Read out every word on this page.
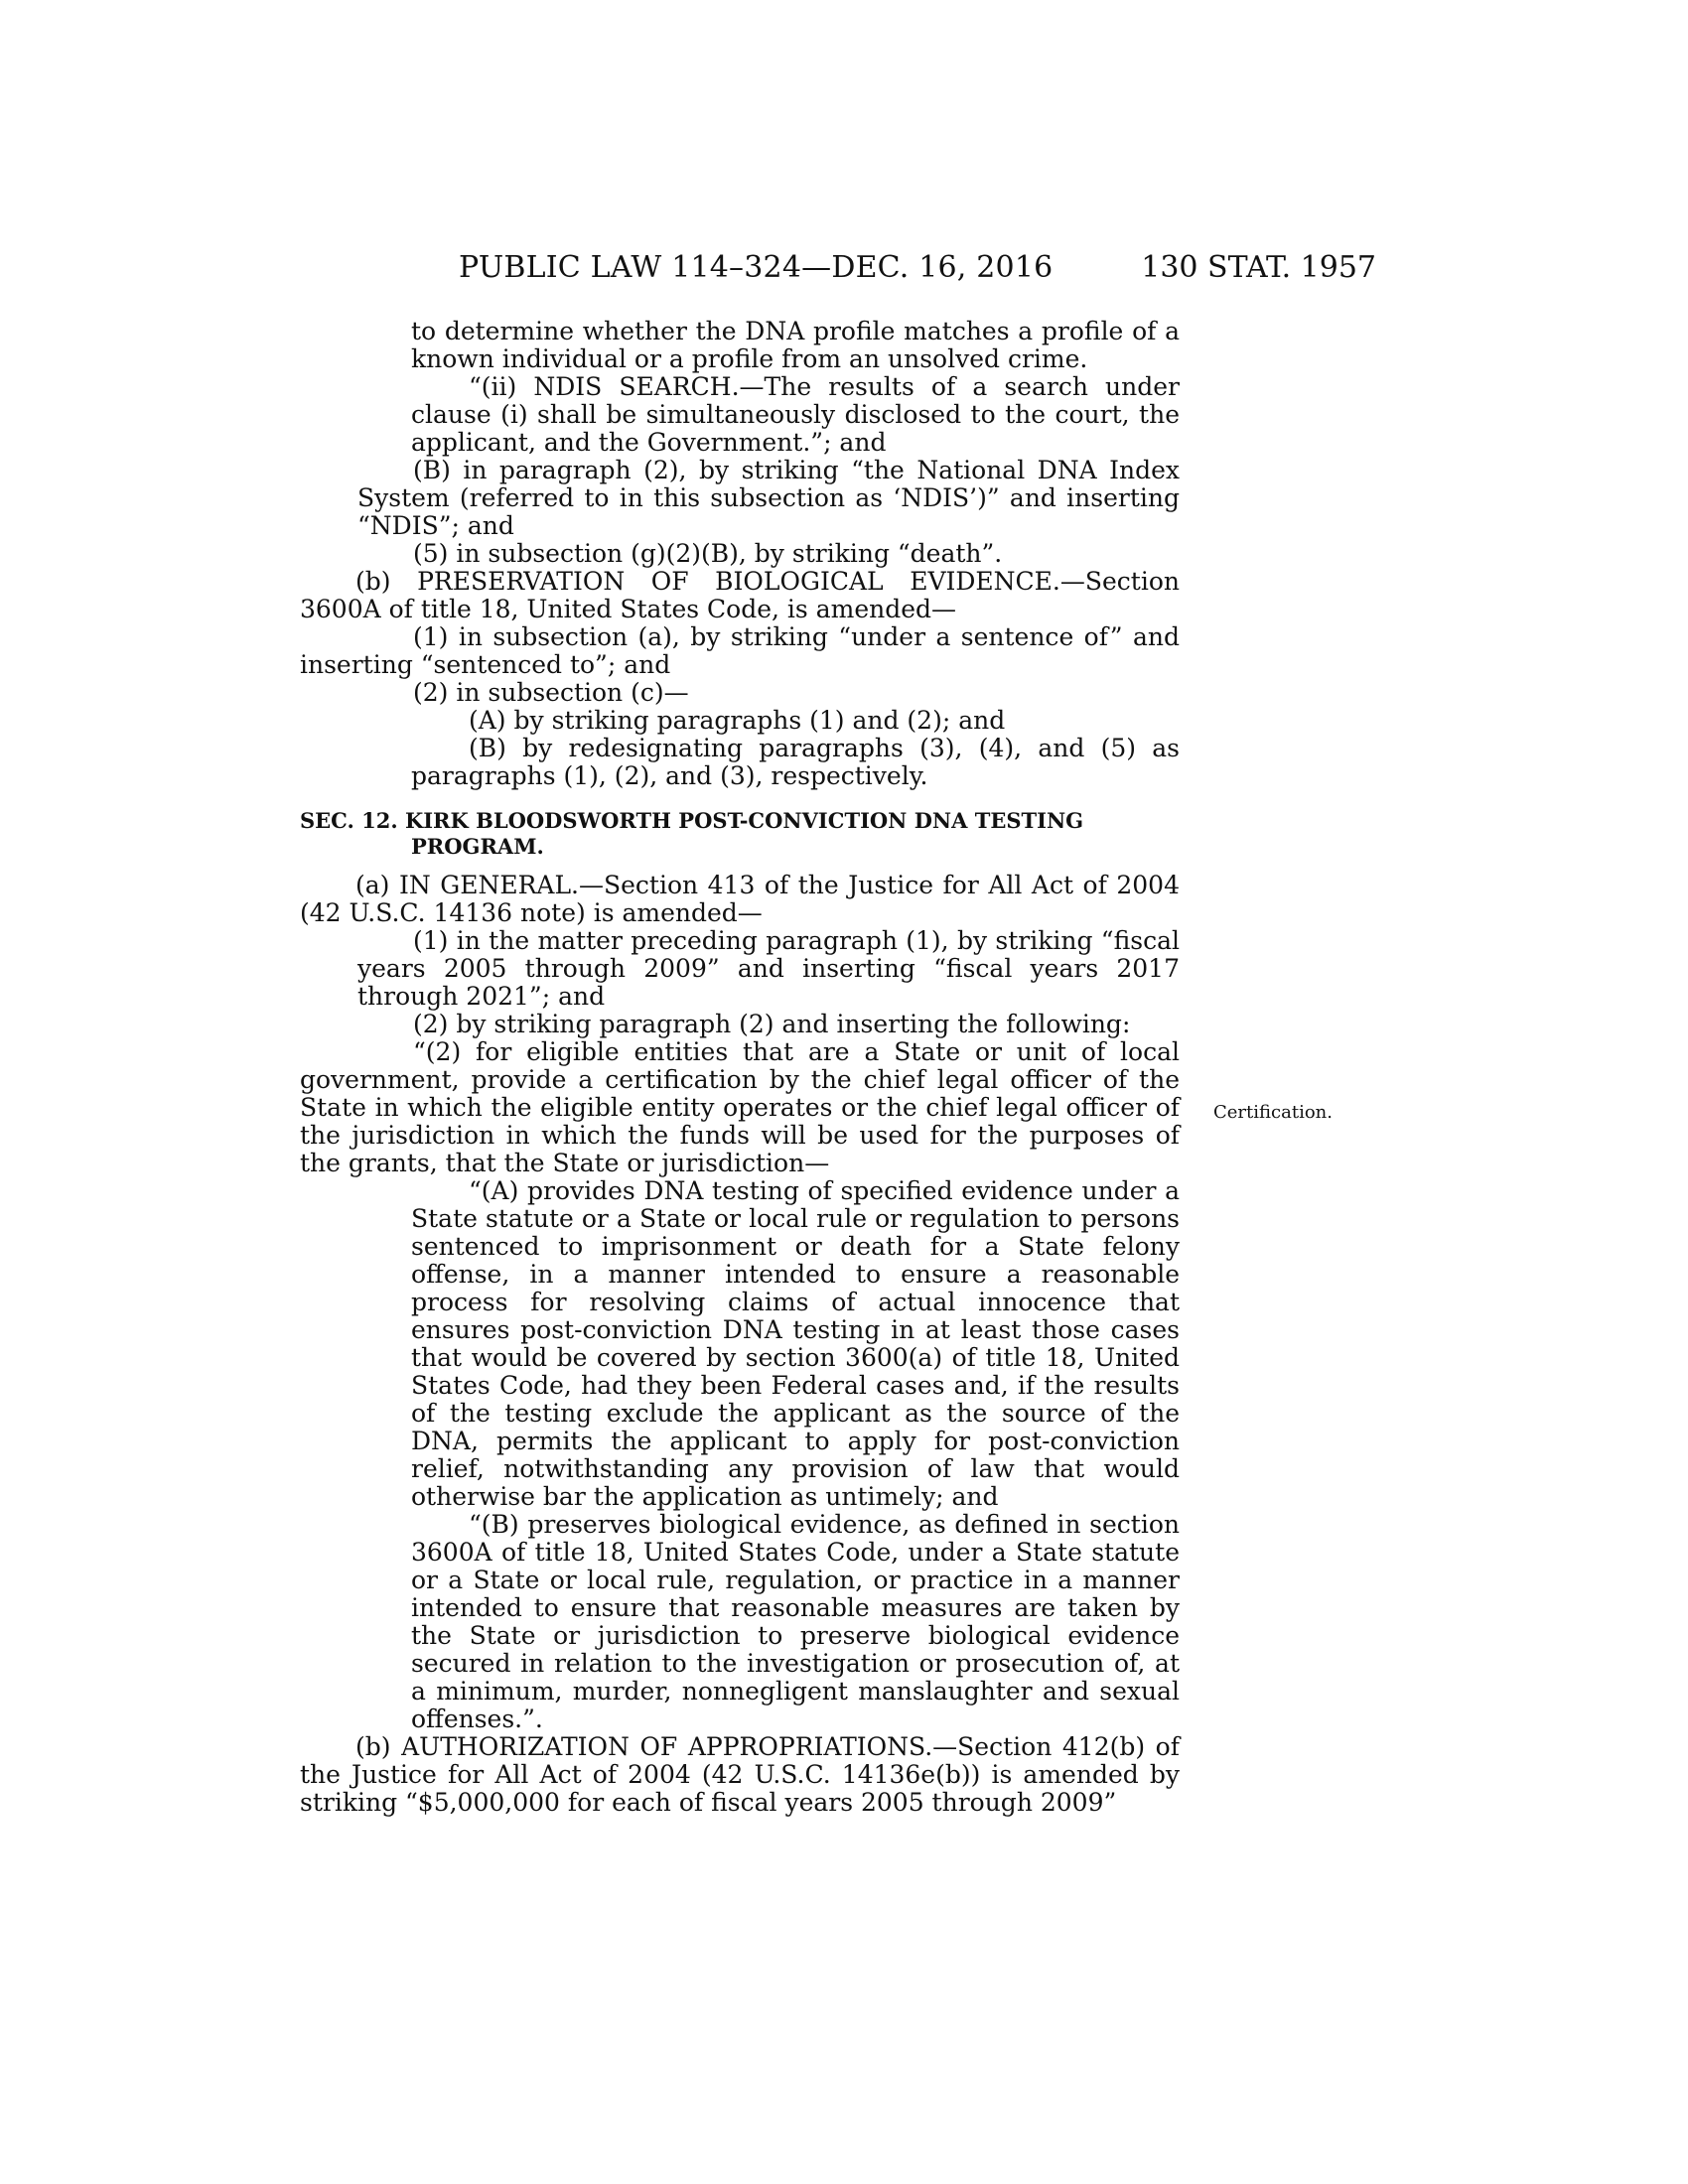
PUBLIC LAW 114–324—DEC. 16, 2016	130 STAT. 1957
Certification.

to determine whether the DNA profile matches a profile of a known individual or a profile from an unsolved crime.

“(ii) NDIS SEARCH.—The results of a search under clause (i) shall be simultaneously disclosed to the court, the applicant, and the Government.”; and

(B) in paragraph (2), by striking “the National DNA Index System (referred to in this subsection as ‘NDIS’)” and inserting “NDIS”; and

(5) in subsection (g)(2)(B), by striking “death”.

(b) PRESERVATION OF BIOLOGICAL EVIDENCE.—Section 3600A of title 18, United States Code, is amended—

(1) in subsection (a), by striking “under a sentence of” and inserting “sentenced to”; and

(2) in subsection (c)—

(A) by striking paragraphs (1) and (2); and

(B) by redesignating paragraphs (3), (4), and (5) as paragraphs (1), (2), and (3), respectively.

SEC. 12. KIRK BLOODSWORTH POST-CONVICTION DNA TESTING PROGRAM.

(a) IN GENERAL.—Section 413 of the Justice for All Act of 2004 (42 U.S.C. 14136 note) is amended—

(1) in the matter preceding paragraph (1), by striking “fiscal years 2005 through 2009” and inserting “fiscal years 2017 through 2021”; and

(2) by striking paragraph (2) and inserting the following:

“(2) for eligible entities that are a State or unit of local government, provide a certification by the chief legal officer of the State in which the eligible entity operates or the chief legal officer of the jurisdiction in which the funds will be used for the purposes of the grants, that the State or jurisdiction—

“(A) provides DNA testing of specified evidence under a State statute or a State or local rule or regulation to persons sentenced to imprisonment or death for a State felony offense, in a manner intended to ensure a reasonable process for resolving claims of actual innocence that ensures post-conviction DNA testing in at least those cases that would be covered by section 3600(a) of title 18, United States Code, had they been Federal cases and, if the results of the testing exclude the applicant as the source of the DNA, permits the applicant to apply for post-conviction relief, notwithstanding any provision of law that would otherwise bar the application as untimely; and

“(B) preserves biological evidence, as defined in section 3600A of title 18, United States Code, under a State statute or a State or local rule, regulation, or practice in a manner intended to ensure that reasonable measures are taken by the State or jurisdiction to preserve biological evidence secured in relation to the investigation or prosecution of, at a minimum, murder, nonnegligent manslaughter and sexual offenses.”.

(b) AUTHORIZATION OF APPROPRIATIONS.—Section 412(b) of the Justice for All Act of 2004 (42 U.S.C. 14136e(b)) is amended by striking “$5,000,000 for each of fiscal years 2005 through 2009”
